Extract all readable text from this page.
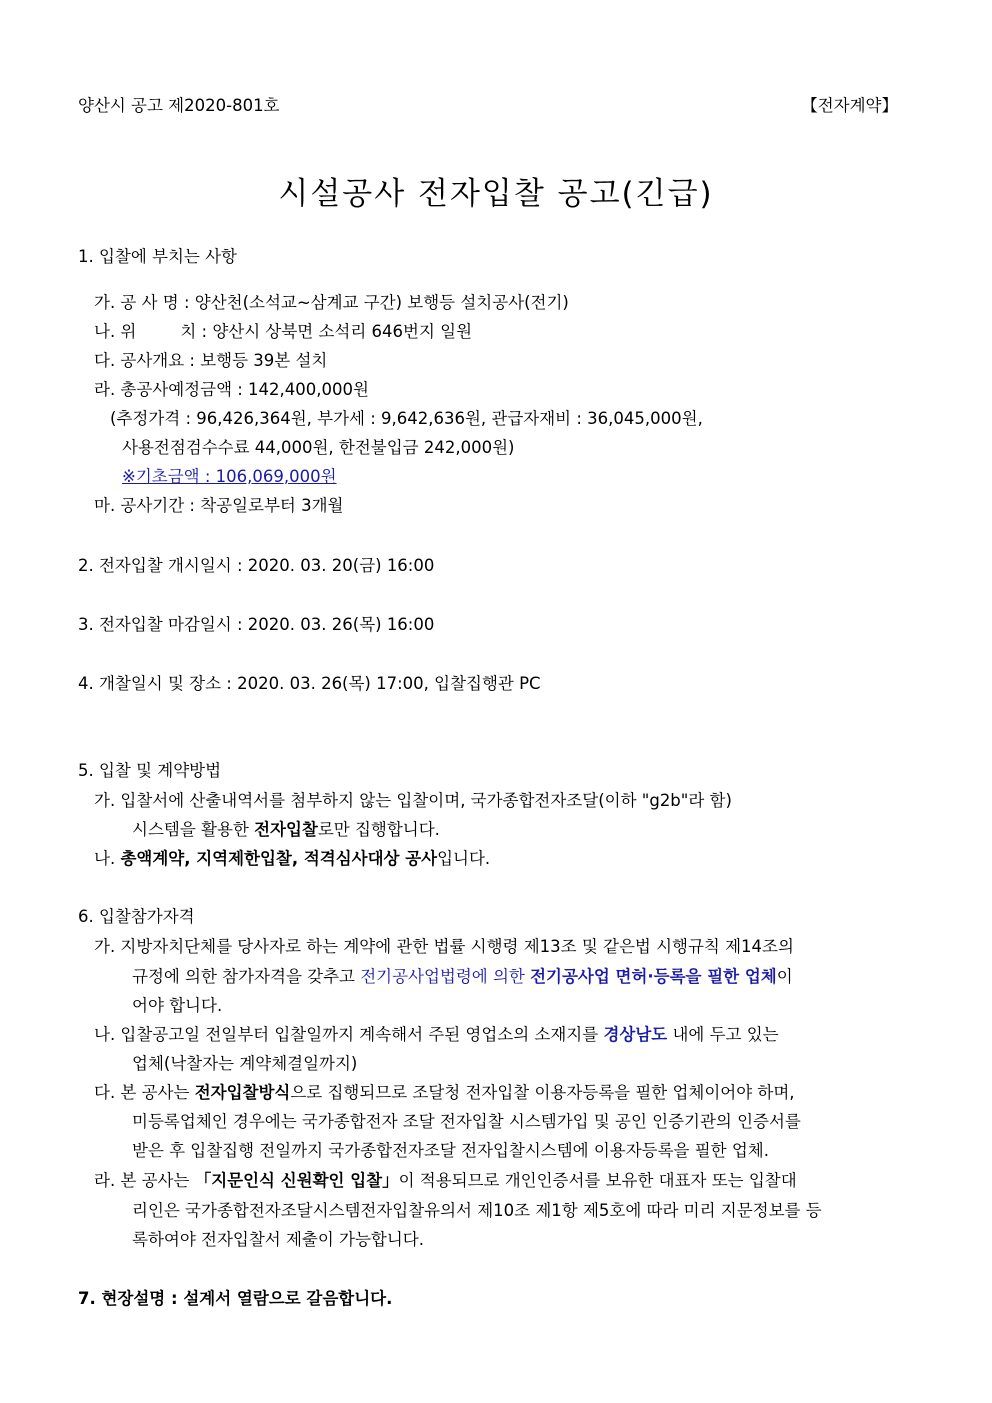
양산시 공고 제2020-801호	【전자계약】
시설공사 전자입찰 공고(긴급)
1. 입찰에 부치는 사항
가. 공 사 명 : 양산천(소석교~삼계교 구간) 보행등 설치공사(전기)
나. 위	치 : 양산시 상북면 소석리 646번지 일원
다. 공사개요 : 보행등 39본 설치
라. 총공사예정금액 : 142,400,000원
(추정가격 : 96,426,364원, 부가세 : 9,642,636원, 관급자재비 : 36,045,000원,
사용전점검수수료 44,000원, 한전불입금 242,000원)
※기초금액 : 106,069,000원
마. 공사기간 : 착공일로부터 3개월
2. 전자입찰 개시일시 : 2020. 03. 20(금) 16:00
3. 전자입찰 마감일시 : 2020. 03. 26(목) 16:00
4. 개찰일시 및 장소 : 2020. 03. 26(목) 17:00, 입찰집행관 PC
5. 입찰 및 계약방법
가. 입찰서에 산출내역서를 첨부하지 않는 입찰이며, 국가종합전자조달(이하 "g2b"라 함)
시스템을 활용한 전자입찰로만 집행합니다.
나. 총액계약, 지역제한입찰, 적격심사대상 공사입니다.
6. 입찰참가자격
가. 지방자치단체를 당사자로 하는 계약에 관한 법률 시행령 제13조 및 같은법 시행규칙 제14조의
규정에 의한 참가자격을 갖추고 전기공사업법령에 의한 전기공사업 면허·등록을 필한 업체이
어야 합니다.
나. 입찰공고일 전일부터 입찰일까지 계속해서 주된 영업소의 소재지를 경상남도 내에 두고 있는
업체(낙찰자는 계약체결일까지)
다. 본 공사는 전자입찰방식으로 집행되므로 조달청 전자입찰 이용자등록을 필한 업체이어야 하며,
미등록업체인 경우에는 국가종합전자 조달 전자입찰 시스템가입 및 공인 인증기관의 인증서를
받은 후 입찰집행 전일까지 국가종합전자조달 전자입찰시스템에 이용자등록을 필한 업체.
라. 본 공사는 「지문인식 신원확인 입찰」이 적용되므로 개인인증서를 보유한 대표자 또는 입찰대
리인은 국가종합전자조달시스템전자입찰유의서 제10조 제1항 제5호에 따라 미리 지문정보를 등
록하여야 전자입찰서 제출이 가능합니다.
7. 현장설명 : 설계서 열람으로 갈음합니다.
